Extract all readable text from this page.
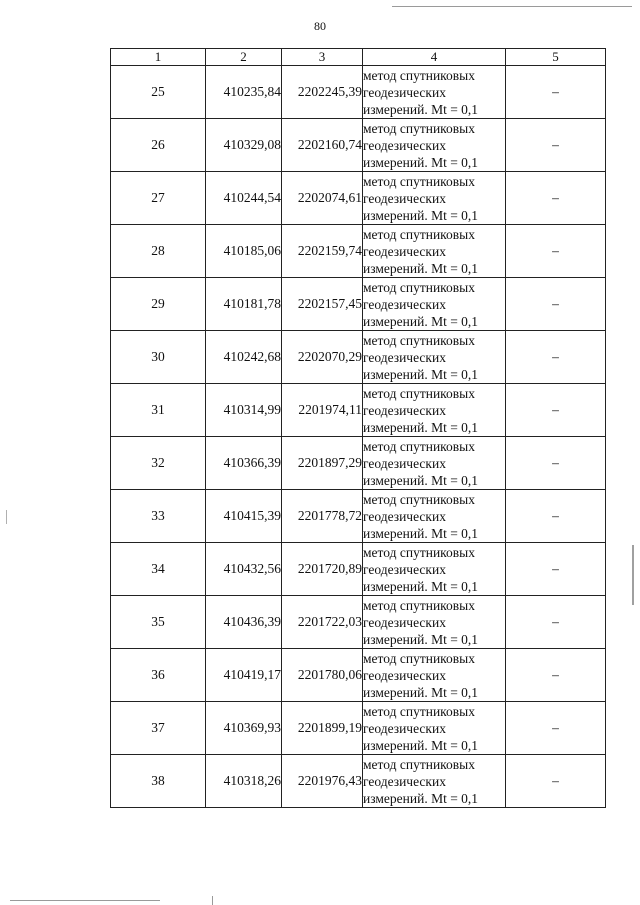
80
1	2	3	4	5
25	410235,84	2202245,39	метод спутниковых
геодезических
измерений. Mt = 0,1	–
26	410329,08	2202160,74	метод спутниковых
геодезических
измерений. Mt = 0,1	–
27	410244,54	2202074,61	метод спутниковых
геодезических
измерений. Mt = 0,1	–
28	410185,06	2202159,74	метод спутниковых
геодезических
измерений. Mt = 0,1	–
29	410181,78	2202157,45	метод спутниковых
геодезических
измерений. Mt = 0,1	–
30	410242,68	2202070,29	метод спутниковых
геодезических
измерений. Mt = 0,1	–
31	410314,99	2201974,11	метод спутниковых
геодезических
измерений. Mt = 0,1	–
32	410366,39	2201897,29	метод спутниковых
геодезических
измерений. Mt = 0,1	–
33	410415,39	2201778,72	метод спутниковых
геодезических
измерений. Mt = 0,1	–
34	410432,56	2201720,89	метод спутниковых
геодезических
измерений. Mt = 0,1	–
35	410436,39	2201722,03	метод спутниковых
геодезических
измерений. Mt = 0,1	–
36	410419,17	2201780,06	метод спутниковых
геодезических
измерений. Mt = 0,1	–
37	410369,93	2201899,19	метод спутниковых
геодезических
измерений. Mt = 0,1	–
38	410318,26	2201976,43	метод спутниковых
геодезических
измерений. Mt = 0,1	–
